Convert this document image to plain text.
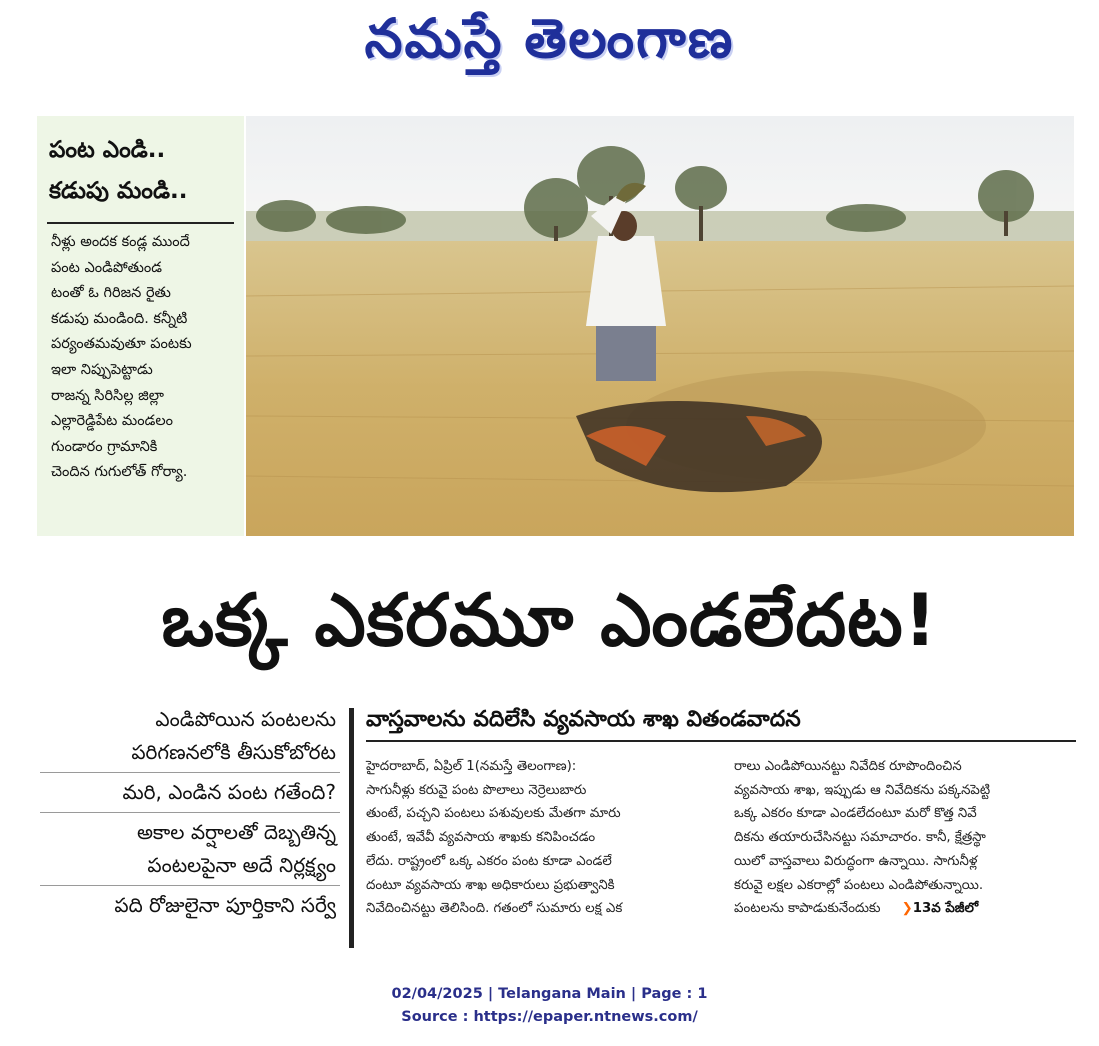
నమస్తే తెలంగాణ
పంట ఎండి..
కడుపు మండి..

నీళ్లు అందక కండ్ల ముందే

పంట ఎండిపోతుండ

టంతో ఓ గిరిజన రైతు

కడుపు మండింది. కన్నీటి

పర్యంతమవుతూ పంటకు

ఇలా నిప్పుపెట్టాడు

రాజన్న సిరిసిల్ల జిల్లా

ఎల్లారెడ్డిపేట మండలం

గుండారం గ్రామానికి

చెందిన గుగులోత్ గోర్యా.

ఒక్క ఎకరమూ ఎండలేదట!
ఎండిపోయిన పంటలను
పరిగణనలోకి తీసుకోబోరట
మరి, ఎండిన పంట గతేంది?
అకాల వర్షాలతో దెబ్బతిన్న
పంటలపైనా అదే నిర్లక్ష్యం
పది రోజులైనా పూర్తికాని సర్వే
వాస్తవాలను వదిలేసి వ్యవసాయ శాఖ వితండవాదన

హైదరాబాద్, ఏప్రిల్ 1(నమస్తే తెలంగాణ):

సాగునీళ్లు కరువై పంట పొలాలు నెర్రెలుబారు

తుంటే, పచ్చని పంటలు పశువులకు మేతగా మారు

తుంటే, ఇవేవీ వ్యవసాయ శాఖకు కనిపించడం

లేదు. రాష్ట్రంలో ఒక్క ఎకరం పంట కూడా ఎండలే

దంటూ వ్యవసాయ శాఖ అధికారులు ప్రభుత్వానికి

నివేదించినట్టు తెలిసింది. గతంలో సుమారు లక్ష ఎక

రాలు ఎండిపోయినట్టు నివేదిక రూపొందించిన

వ్యవసాయ శాఖ, ఇప్పుడు ఆ నివేదికను పక్కనపెట్టి

ఒక్క ఎకరం కూడా ఎండలేదంటూ మరో కొత్త నివే

దికను తయారుచేసినట్టు సమాచారం. కానీ, క్షేత్రస్థా

యిలో వాస్తవాలు విరుద్ధంగా ఉన్నాయి. సాగునీళ్ల

కరువై లక్షల ఎకరాల్లో పంటలు ఎండిపోతున్నాయి.

పంటలను కాపాడుకునేందుకు ❯13వ పేజీలో

02/04/2025 | Telangana Main | Page : 1
Source : https://epaper.ntnews.com/
